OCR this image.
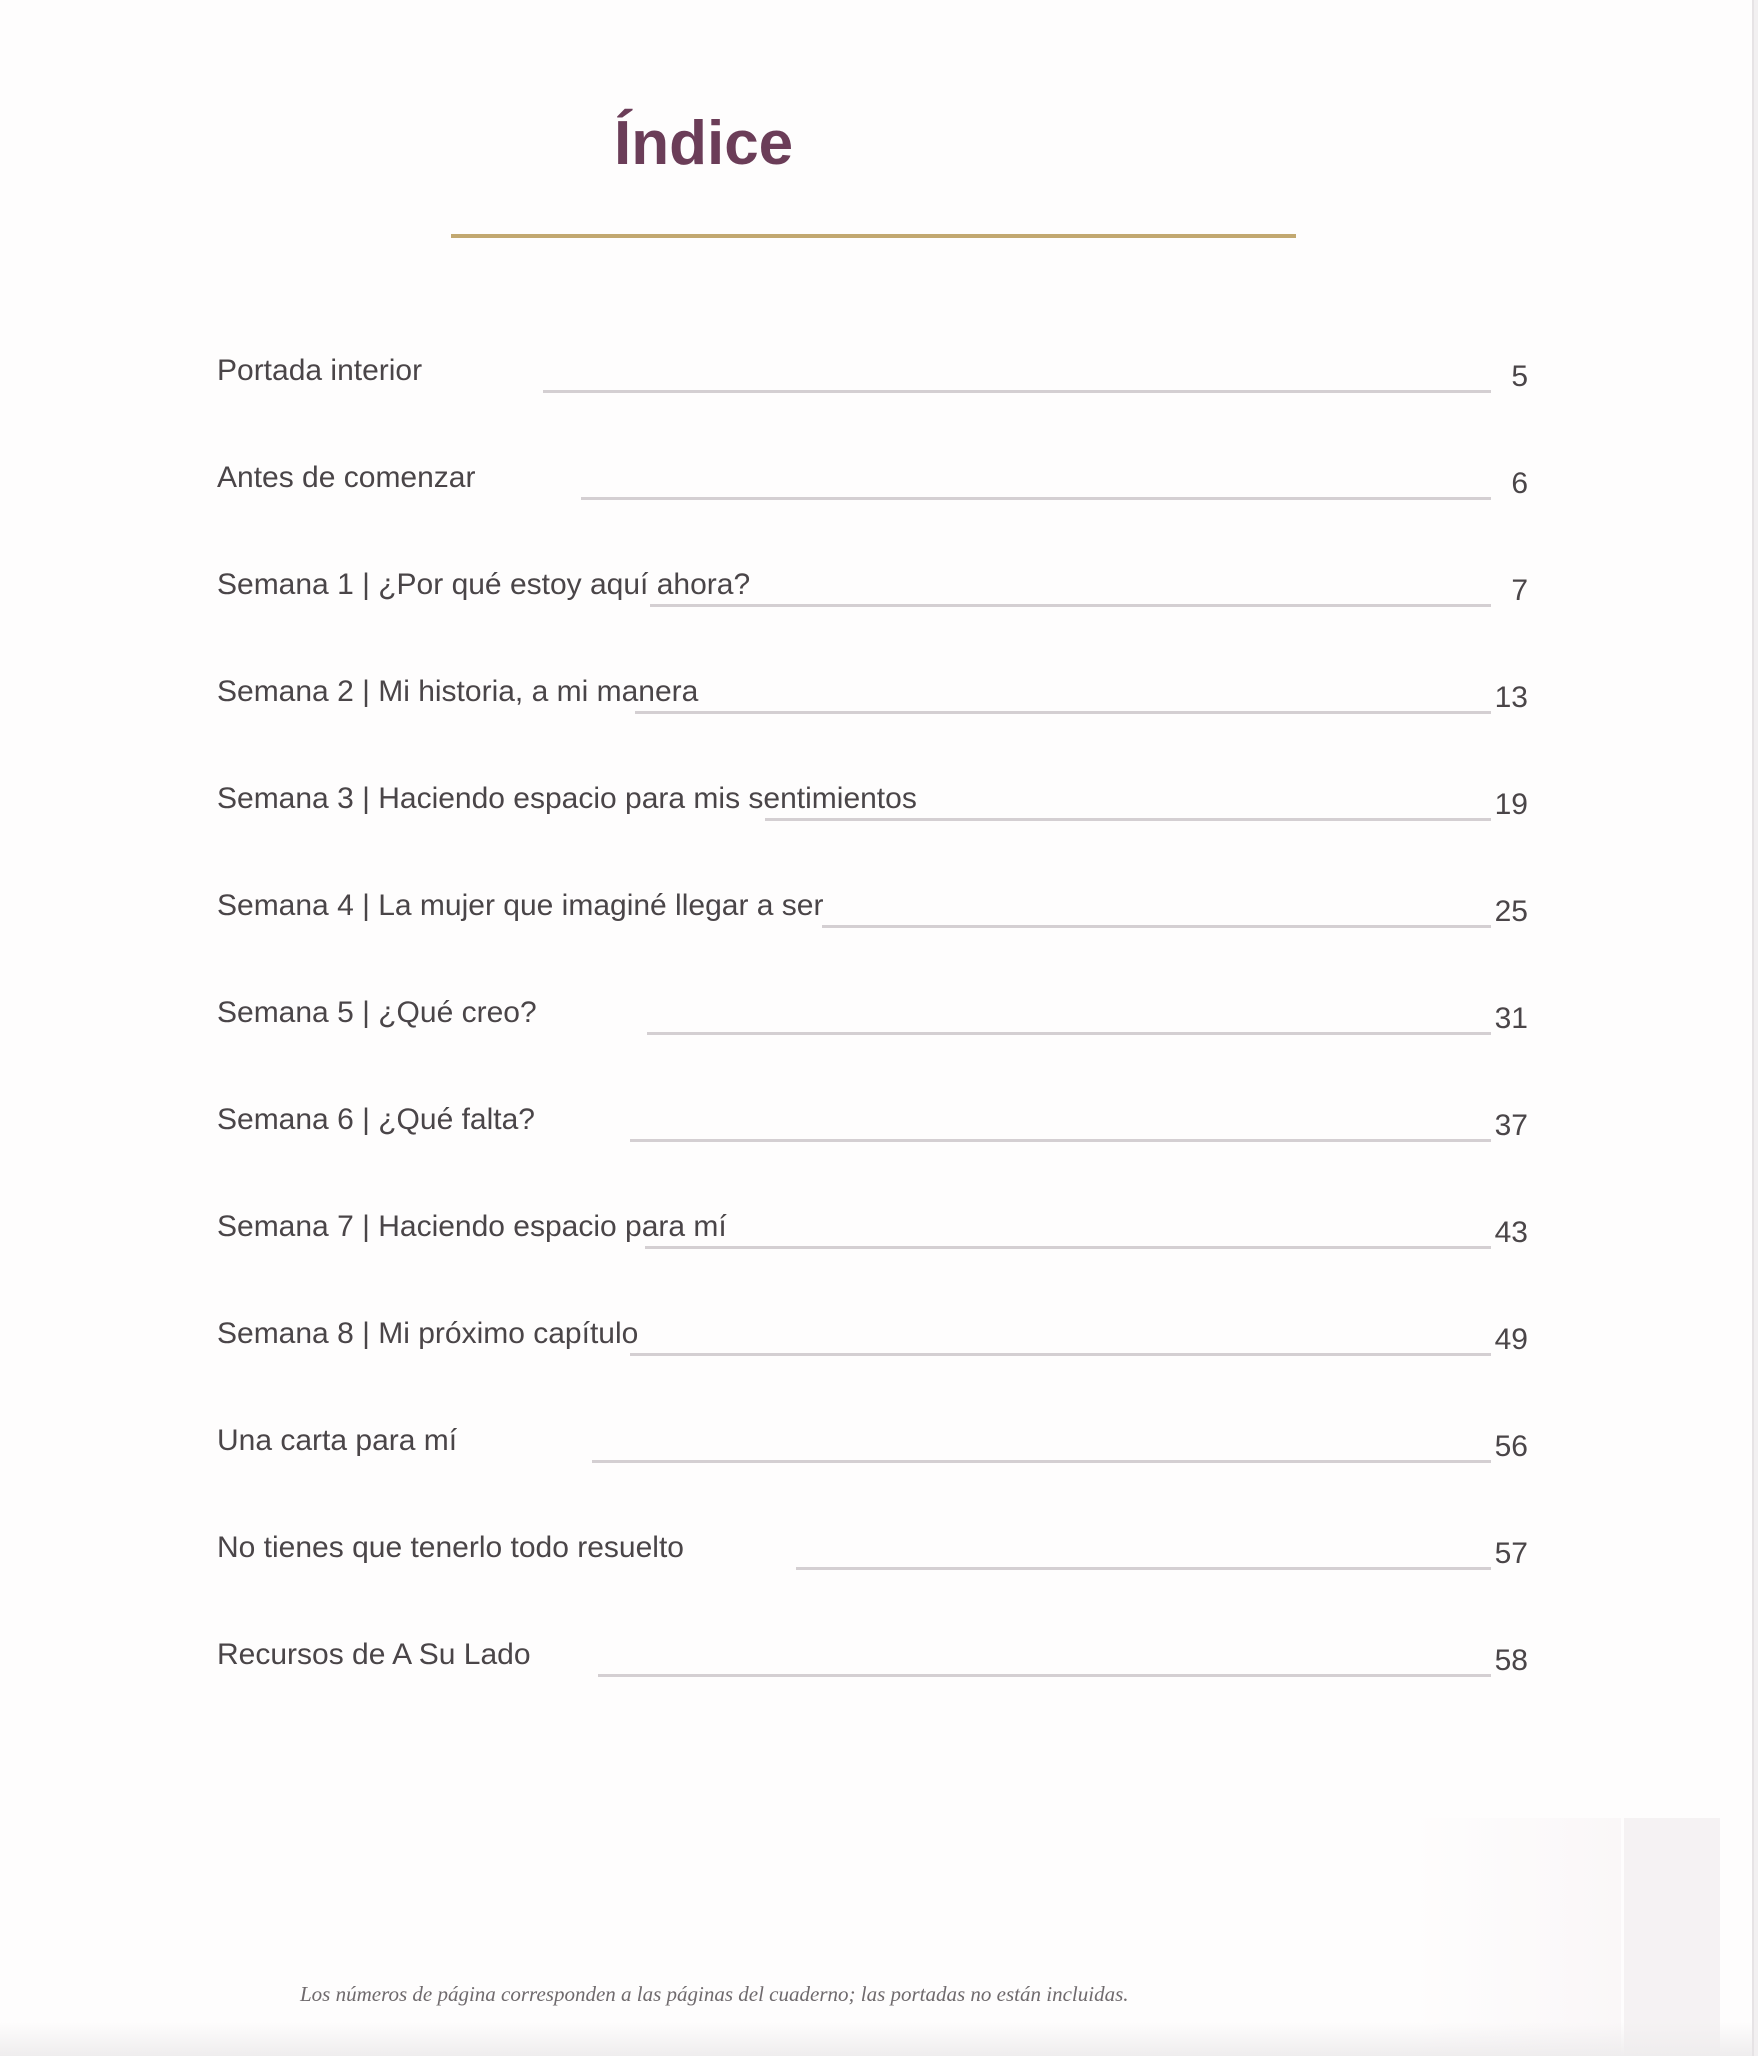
Índice
Portada interior	5
Antes de comenzar	6
Semana 1 | ¿Por qué estoy aquí ahora?	7
Semana 2 | Mi historia, a mi manera	13
Semana 3 | Haciendo espacio para mis sentimientos	19
Semana 4 | La mujer que imaginé llegar a ser	25
Semana 5 | ¿Qué creo?	31
Semana 6 | ¿Qué falta?	37
Semana 7 | Haciendo espacio para mí	43
Semana 8 | Mi próximo capítulo	49
Una carta para mí	56
No tienes que tenerlo todo resuelto	57
Recursos de A Su Lado	58
Los números de página corresponden a las páginas del cuaderno; las portadas no están incluidas.
